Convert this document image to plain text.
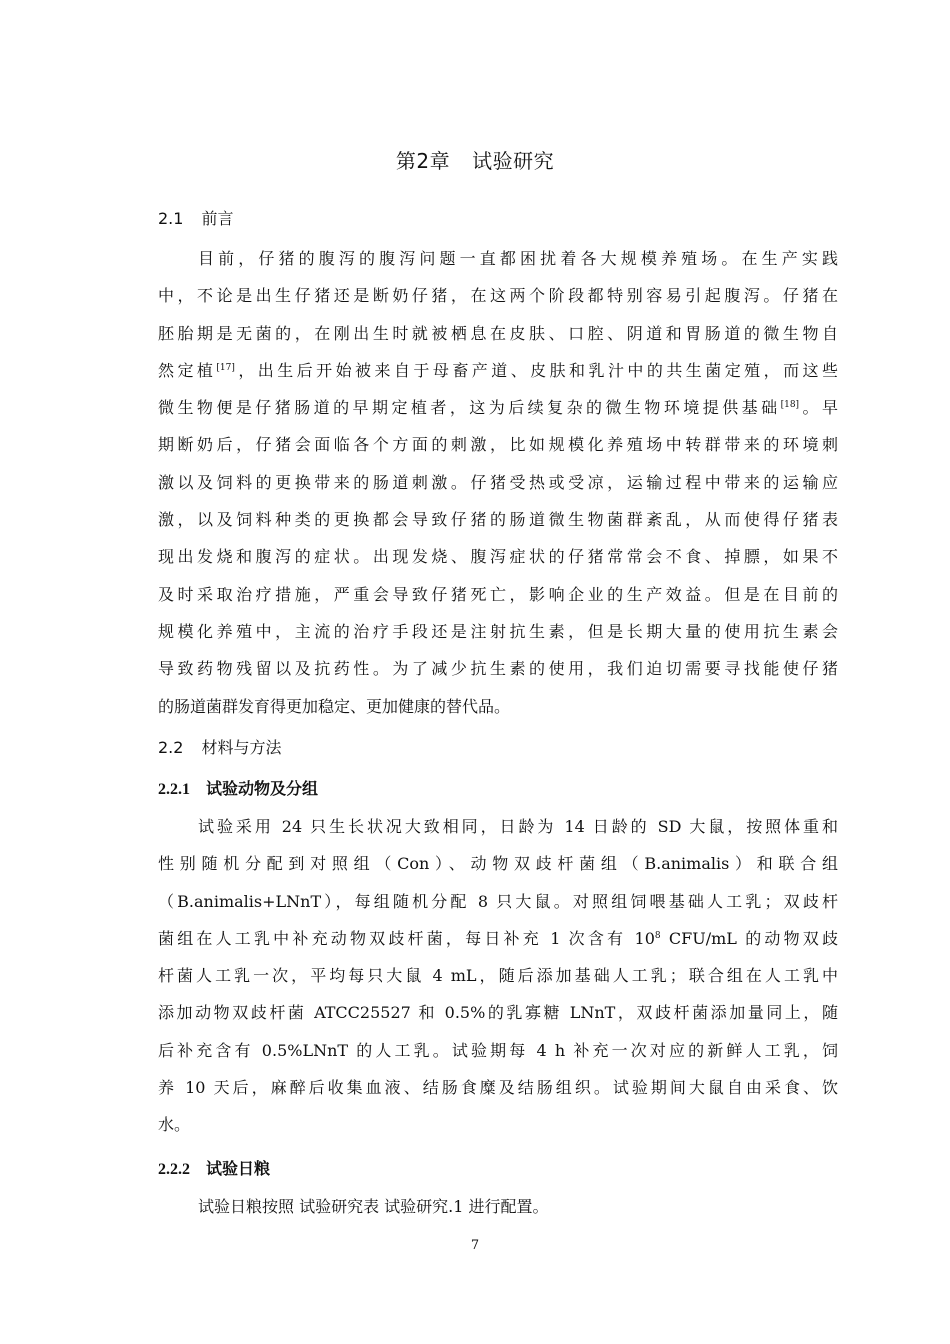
第2章 试验研究
2.1 前言
目前，仔猪的腹泻的腹泻问题一直都困扰着各大规模养殖场。在生产实践
中，不论是出生仔猪还是断奶仔猪，在这两个阶段都特别容易引起腹泻。仔猪在
胚胎期是无菌的，在刚出生时就被栖息在皮肤、口腔、阴道和胃肠道的微生物自
然定植[17]，出生后开始被来自于母畜产道、皮肤和乳汁中的共生菌定殖，而这些
微生物便是仔猪肠道的早期定植者，这为后续复杂的微生物环境提供基础[18]。早
期断奶后，仔猪会面临各个方面的刺激，比如规模化养殖场中转群带来的环境刺
激以及饲料的更换带来的肠道刺激。仔猪受热或受凉，运输过程中带来的运输应
激，以及饲料种类的更换都会导致仔猪的肠道微生物菌群紊乱，从而使得仔猪表
现出发烧和腹泻的症状。出现发烧、腹泻症状的仔猪常常会不食、掉膘，如果不
及时采取治疗措施，严重会导致仔猪死亡，影响企业的生产效益。但是在目前的
规模化养殖中，主流的治疗手段还是注射抗生素，但是长期大量的使用抗生素会
导致药物残留以及抗药性。为了减少抗生素的使用，我们迫切需要寻找能使仔猪
的肠道菌群发育得更加稳定、更加健康的替代品。
2.2 材料与方法
2.2.1 试验动物及分组
试验采用 24 只生长状况大致相同，日龄为 14 日龄的 SD 大鼠，按照体重和
性别随机分配到对照组（Con）、动物双歧杆菌组（B.animalis）和联合组
（B.animalis+LNnT），每组随机分配 8 只大鼠。对照组饲喂基础人工乳；双歧杆
菌组在人工乳中补充动物双歧杆菌，每日补充 1 次含有 $10^8$ CFU/mL 的动物双歧
杆菌人工乳一次，平均每只大鼠 4 mL，随后添加基础人工乳；联合组在人工乳中
添加动物双歧杆菌 ATCC25527 和 0.5%的乳寡糖 LNnT，双歧杆菌添加量同上，随
后补充含有 0.5%LNnT 的人工乳。试验期每 4 h 补充一次对应的新鲜人工乳，饲
养 10 天后，麻醉后收集血液、结肠食糜及结肠组织。试验期间大鼠自由采食、饮
水。
2.2.2 试验日粮
试验日粮按照 试验研究表 试验研究.1 进行配置。
7
